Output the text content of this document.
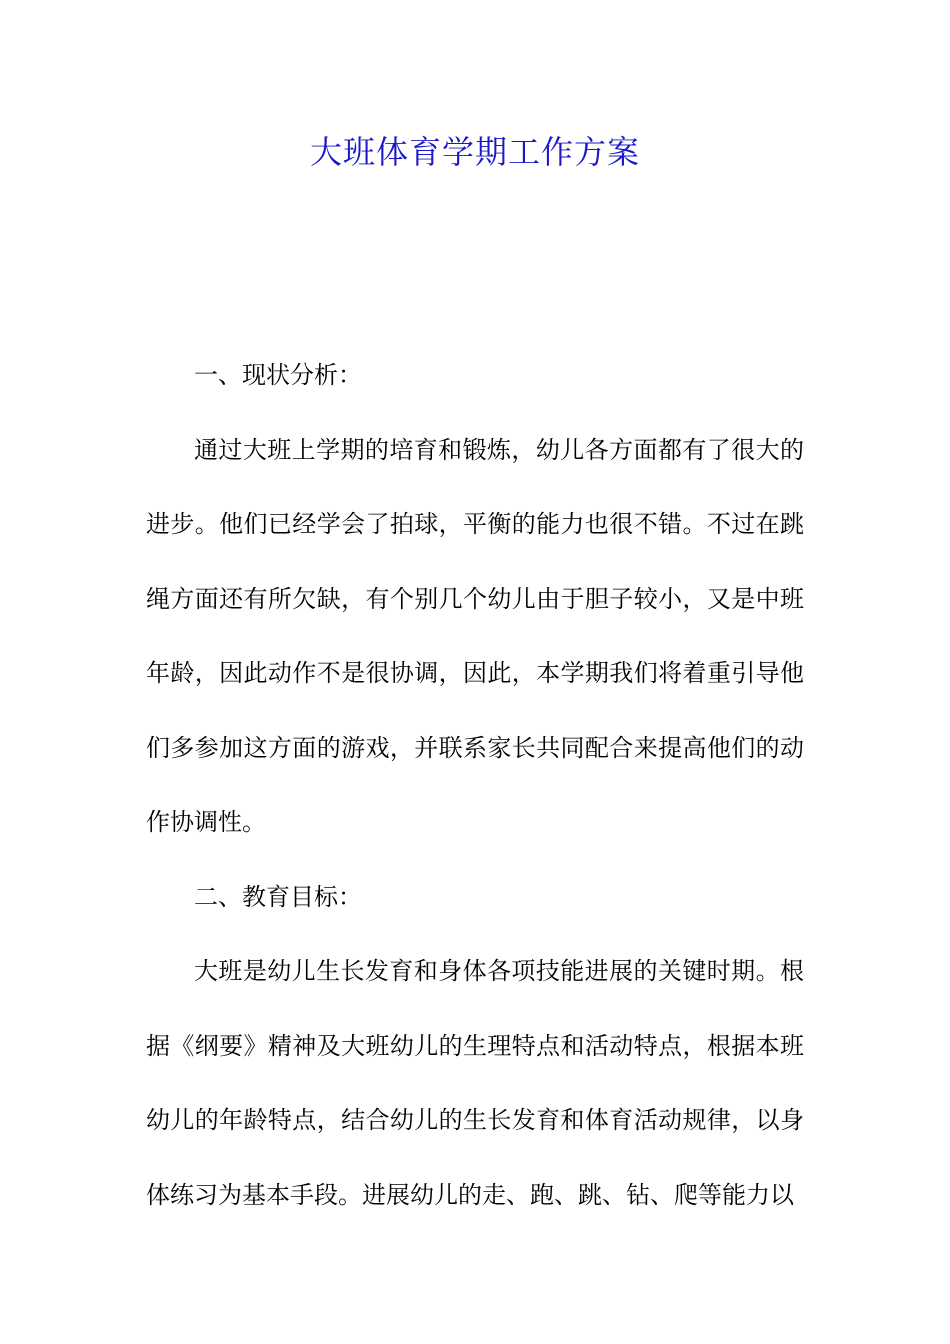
大班体育学期工作方案

一、现状分析：

通过大班上学期的培育和锻炼，幼儿各方面都有了很大的进步。他们已经学会了拍球，平衡的能力也很不错。不过在跳绳方面还有所欠缺，有个别几个幼儿由于胆子较小，又是中班年龄，因此动作不是很协调，因此，本学期我们将着重引导他们多参加这方面的游戏，并联系家长共同配合来提高他们的动作协调性。

二、教育目标：

大班是幼儿生长发育和身体各项技能进展的关键时期。根据《纲要》精神及大班幼儿的生理特点和活动特点，根据本班幼儿的年龄特点，结合幼儿的生长发育和体育活动规律，以身体练习为基本手段。进展幼儿的走、跑、跳、钻、爬等能力以
